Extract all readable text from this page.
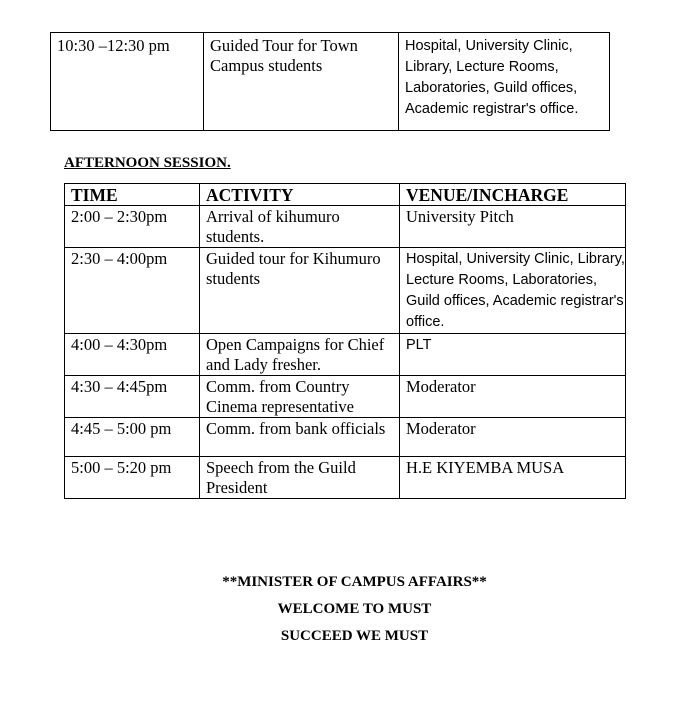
10:30 –12:30 pm	Guided Tour for Town Campus students	Hospital, University Clinic, Library, Lecture Rooms, Laboratories, Guild offices, Academic registrar's office.
AFTERNOON SESSION.
TIME	ACTIVITY	VENUE/INCHARGE
2:00 – 2:30pm	Arrival of kihumuro students.	University Pitch
2:30 – 4:00pm	Guided tour for Kihumuro students	Hospital, University Clinic, Library, Lecture Rooms, Laboratories, Guild offices, Academic registrar's office.
4:00 – 4:30pm	Open Campaigns for Chief and Lady fresher.	PLT
4:30 – 4:45pm	Comm. from Country Cinema representative	Moderator
4:45 – 5:00 pm	Comm. from bank officials	Moderator
5:00 – 5:20 pm	Speech from the Guild President	H.E KIYEMBA MUSA
**MINISTER OF CAMPUS AFFAIRS**
WELCOME TO MUST
SUCCEED WE MUST
